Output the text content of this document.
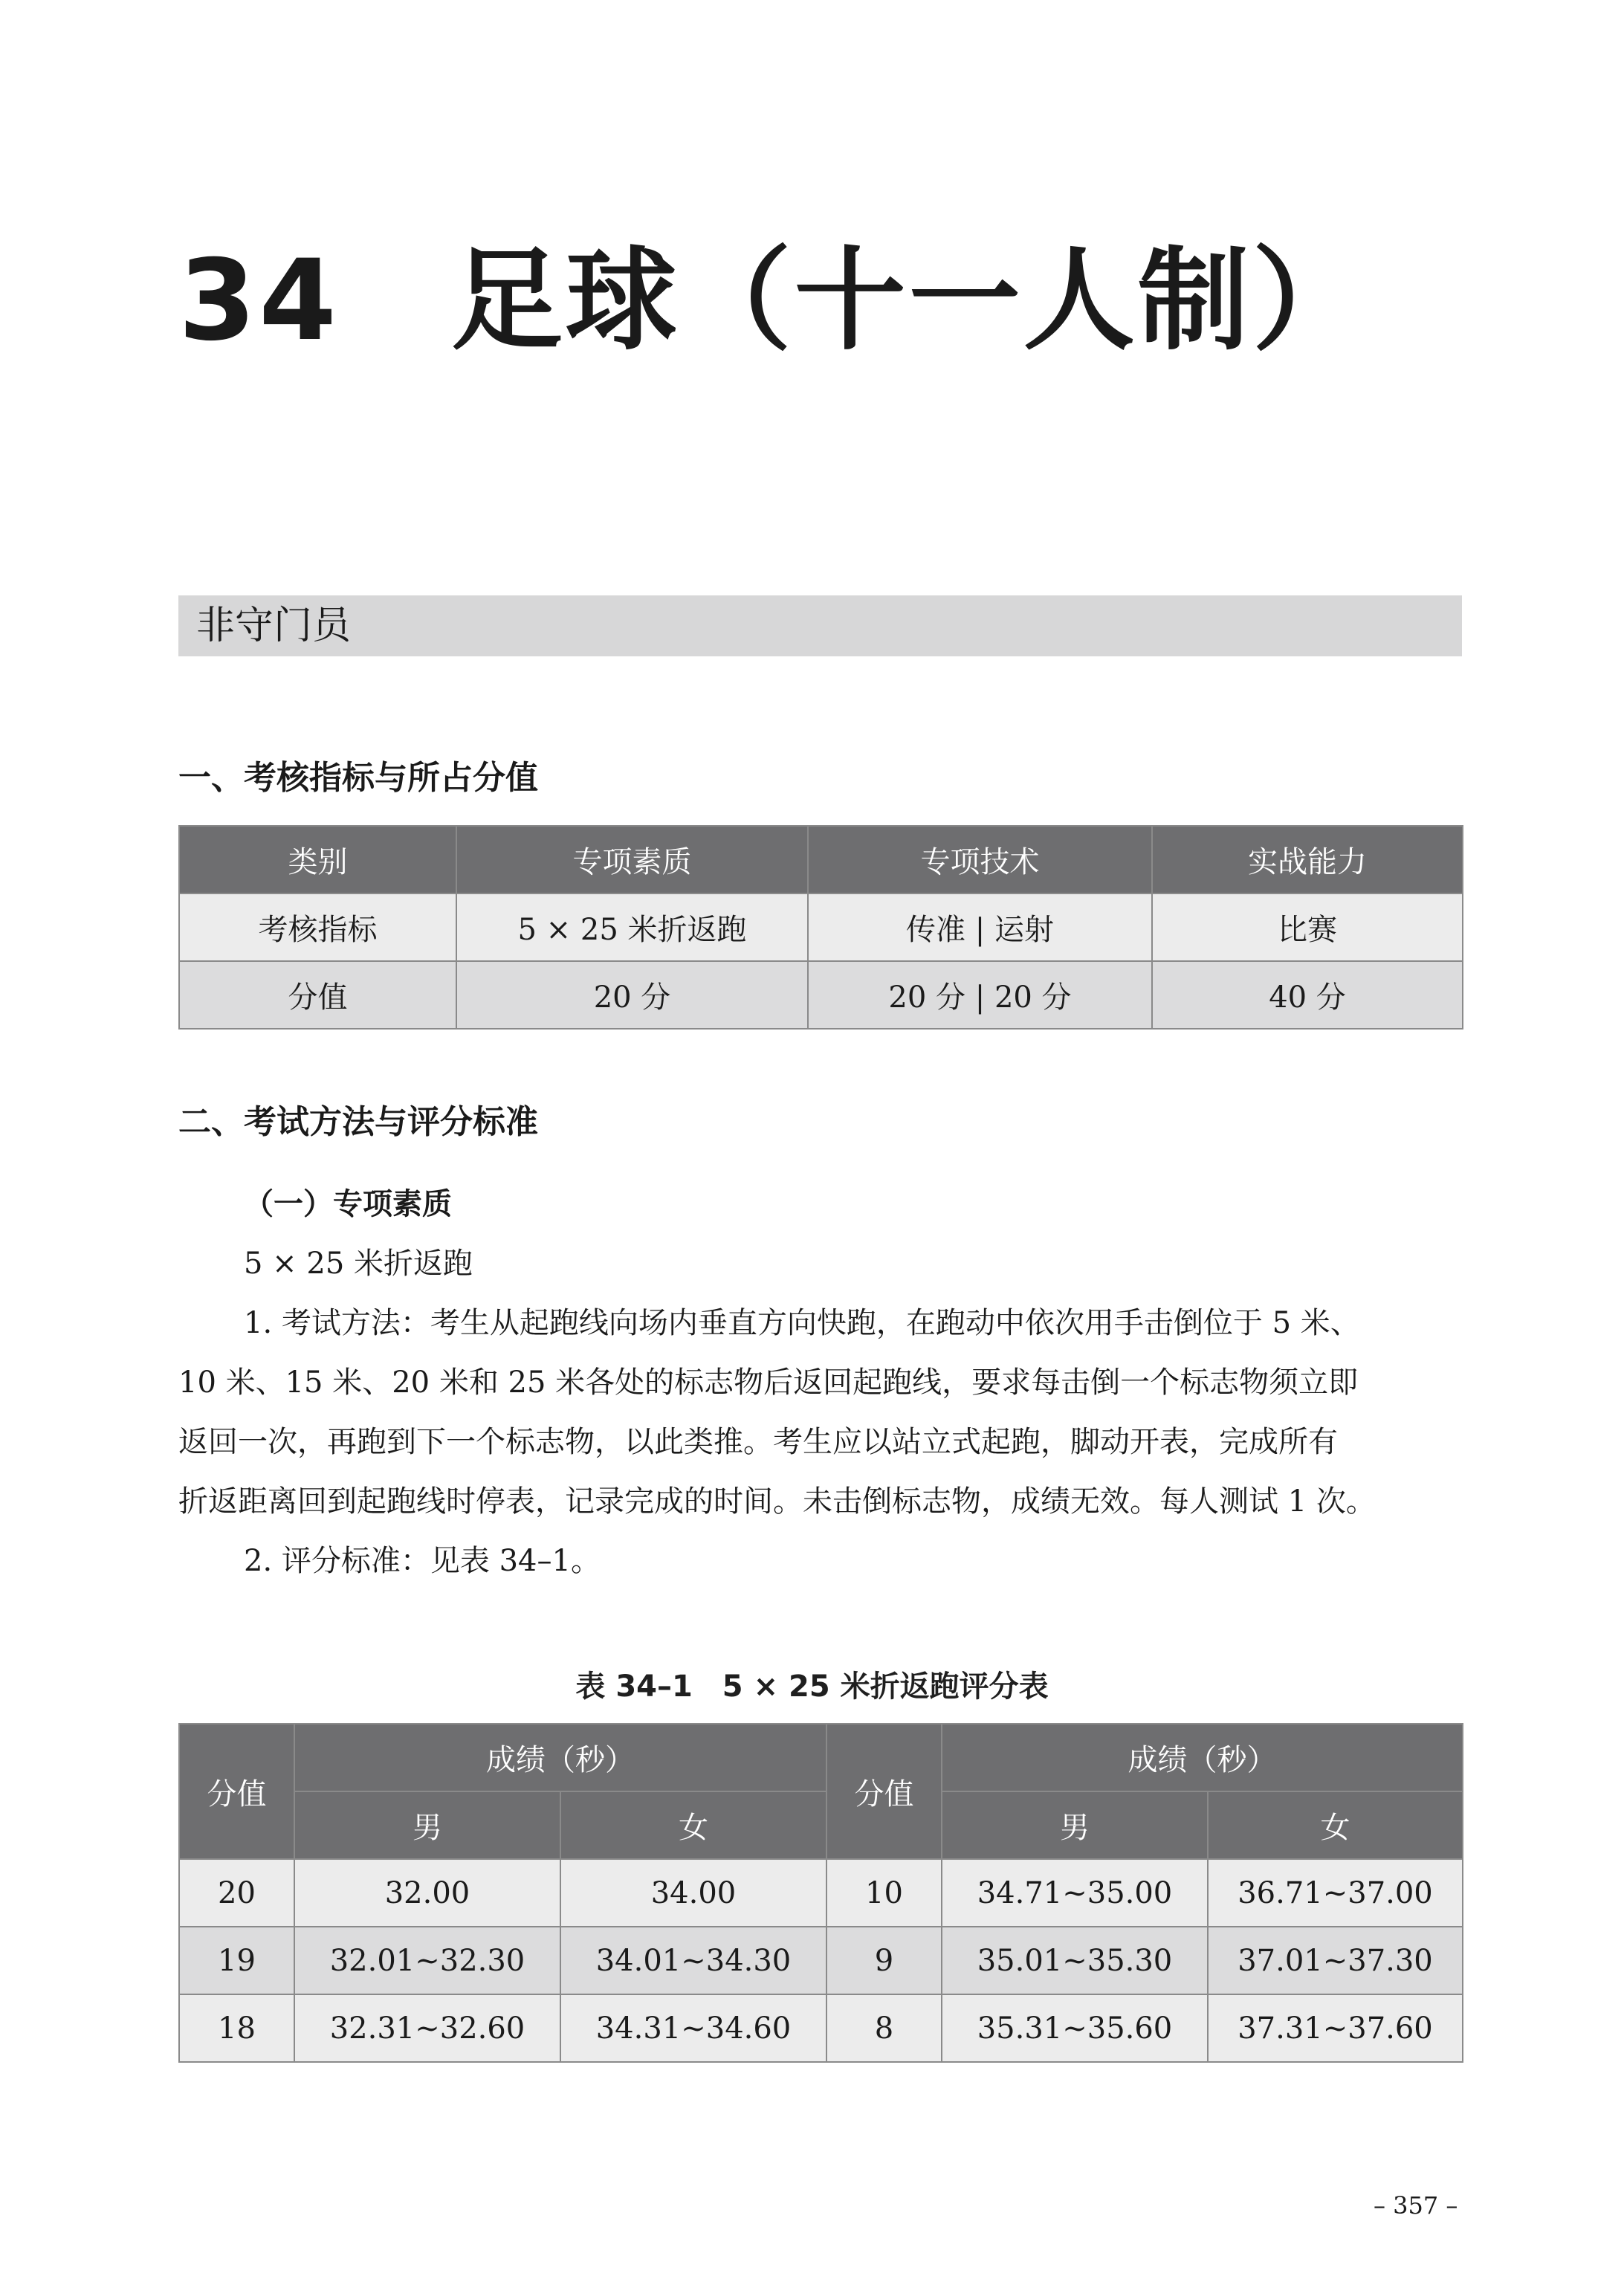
34 足球（十一人制）
非守门员
一、考核指标与所占分值
类别	专项素质	专项技术	实战能力
考核指标	5 × 25 米折返跑	传准 | 运射	比赛
分值	20 分	20 分 | 20 分	40 分
二、考试方法与评分标准

（一）专项素质

5 × 25 米折返跑

1. 考试方法：考生从起跑线向场内垂直方向快跑，在跑动中依次用手击倒位于 5 米、

10 米、15 米、20 米和 25 米各处的标志物后返回起跑线，要求每击倒一个标志物须立即

返回一次，再跑到下一个标志物，以此类推。考生应以站立式起跑，脚动开表，完成所有

折返距离回到起跑线时停表，记录完成的时间。未击倒标志物，成绩无效。每人测试 1 次。

2. 评分标准：见表 34–1。

表 34–1　5 × 25 米折返跑评分表

分值	成绩（秒）		分值	成绩（秒）	
	男	女		男	女
20	32.00	34.00	10	34.71~35.00	36.71~37.00
19	32.01~32.30	34.01~34.30	9	35.01~35.30	37.01~37.30
18	32.31~32.60	34.31~34.60	8	35.31~35.60	37.31~37.60
– 357 –
